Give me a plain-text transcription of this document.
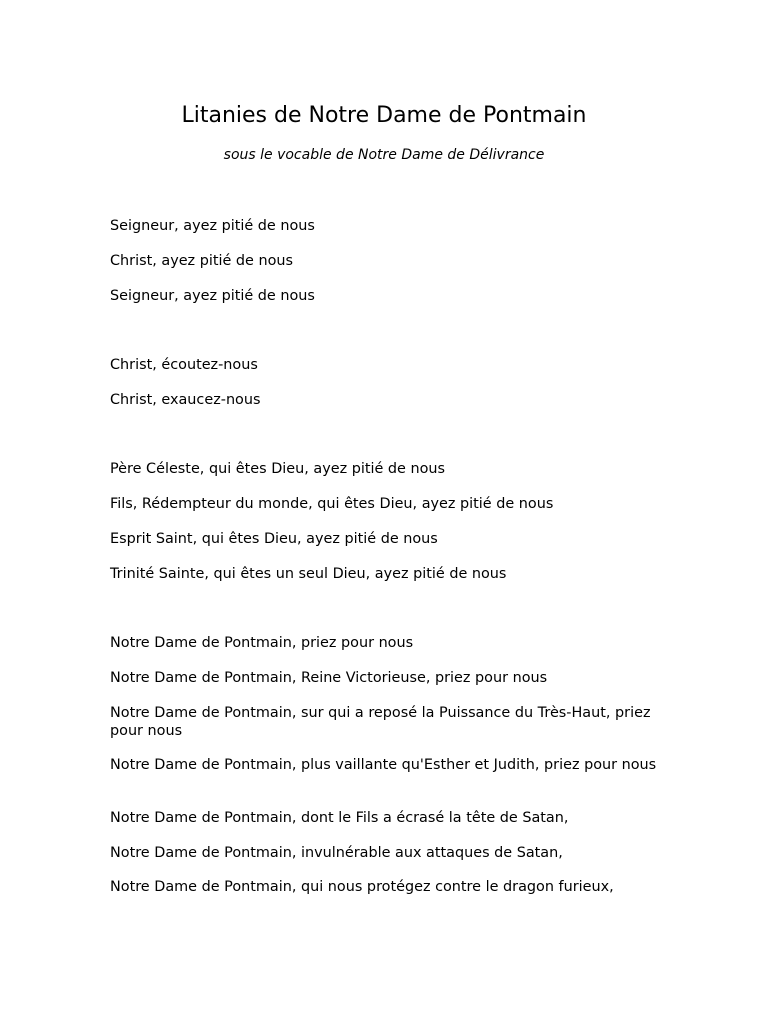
Litanies de Notre Dame de Pontmain
sous le vocable de Notre Dame de Délivrance
Seigneur, ayez pitié de nous
Christ, ayez pitié de nous
Seigneur, ayez pitié de nous
Christ, écoutez-nous
Christ, exaucez-nous
Père Céleste, qui êtes Dieu, ayez pitié de nous
Fils, Rédempteur du monde, qui êtes Dieu, ayez pitié de nous
Esprit Saint, qui êtes Dieu, ayez pitié de nous
Trinité Sainte, qui êtes un seul Dieu, ayez pitié de nous
Notre Dame de Pontmain, priez pour nous
Notre Dame de Pontmain, Reine Victorieuse, priez pour nous
Notre Dame de Pontmain, sur qui a reposé la Puissance du Très-Haut, priez pour nous
Notre Dame de Pontmain, plus vaillante qu'Esther et Judith, priez pour nous
Notre Dame de Pontmain, dont le Fils a écrasé la tête de Satan,
Notre Dame de Pontmain, invulnérable aux attaques de Satan,
Notre Dame de Pontmain, qui nous protégez contre le dragon furieux,
